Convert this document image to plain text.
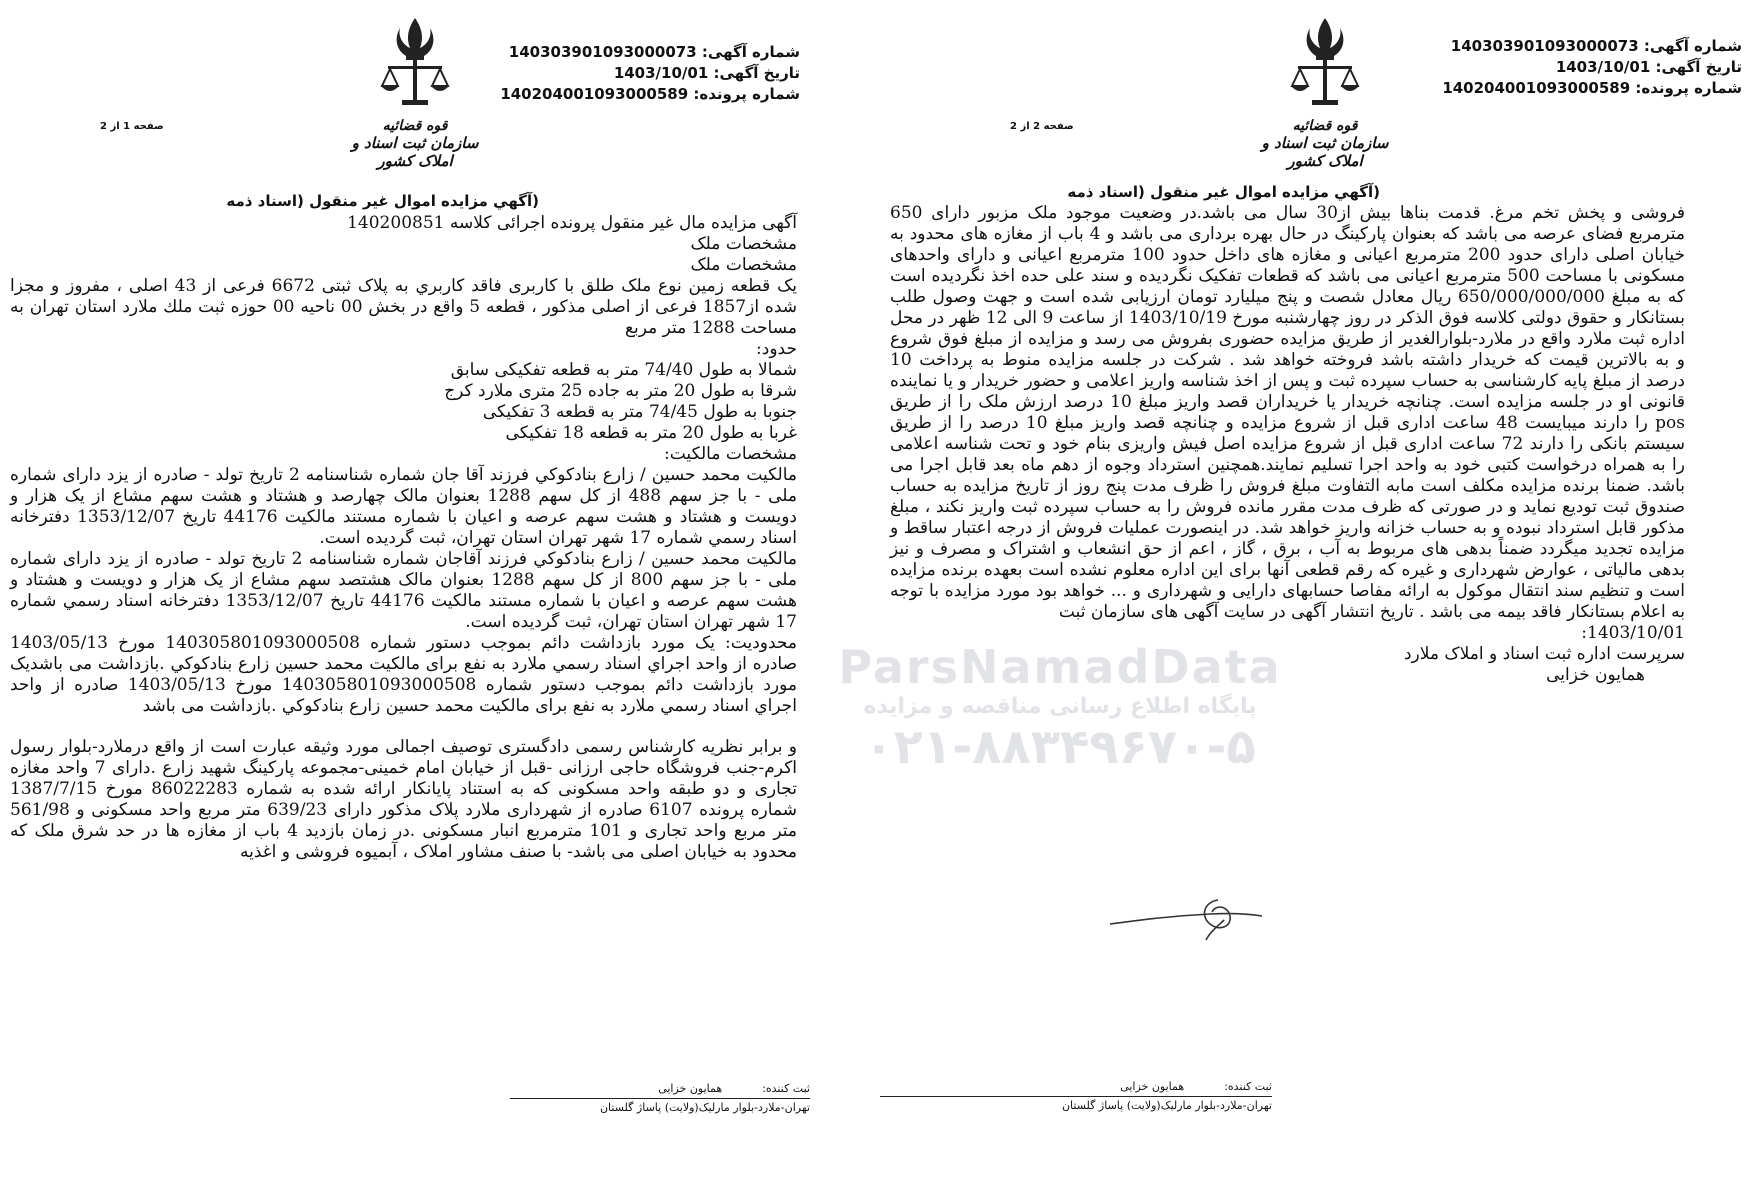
قوه قضائیه
سازمان ثبت اسناد و املاک کشور
شماره آگهی: 140303901093000073
تاریخ آگهی: 1403/10/01
شماره پرونده: 140204001093000589
صفحه 1 از 2
(آگهي مزايده اموال غير منقول (اسناد ذمه

آگهی مزایده مال غیر منقول پرونده اجرائی کلاسه 140200851

مشخصات ملک

مشخصات ملک

یک قطعه زمین نوع ملک طلق با کاربری فاقد کاربري به پلاک ثبتی 6672 فرعی از 43 اصلی ، مفروز و مجزا شده از1857 فرعی از اصلی مذکور ، قطعه 5 واقع در بخش 00 ناحیه 00 حوزه ثبت ملك ملارد استان تهران به مساحت 1288 متر مربع

حدود:

شمالا به طول 74/40 متر به قطعه تفکیکی سابق

شرقا به طول 20 متر به جاده 25 متری ملارد کرج

جنوبا به طول 74/45 متر به قطعه 3 تفکیکی

غربا به طول 20 متر به قطعه 18 تفکیکی

مشخصات مالکیت:

مالکیت محمد حسین / زارع بنادكوكي فرزند آقا جان شماره شناسنامه 2 تاریخ تولد - صادره از یزد دارای شماره ملی - با جز سهم 488 از کل سهم 1288 بعنوان مالک چهارصد و هشتاد و هشت سهم مشاع از یک هزار و دویست و هشتاد و هشت سهم عرصه و اعیان با شماره مستند مالکیت 44176 تاریخ 1353/12/07 دفترخانه اسناد رسمي شماره 17 شهر تهران استان تهران، ثبت گردیده است.

مالکیت محمد حسین / زارع بنادكوكي فرزند آقاجان شماره شناسنامه 2 تاریخ تولد - صادره از یزد دارای شماره ملی - با جز سهم 800 از کل سهم 1288 بعنوان مالک هشتصد سهم مشاع از یک هزار و دویست و هشتاد و هشت سهم عرصه و اعیان با شماره مستند مالکیت 44176 تاریخ 1353/12/07 دفترخانه اسناد رسمي شماره 17 شهر تهران استان تهران، ثبت گردیده است.

محدودیت: یک مورد بازداشت دائم بموجب دستور شماره 140305801093000508 مورخ 1403/05/13 صادره از واحد اجراي اسناد رسمي ملارد به نفع برای مالکیت محمد حسین زارع بنادكوكي .بازداشت می باشدیک مورد بازداشت دائم بموجب دستور شماره 140305801093000508 مورخ 1403/05/13 صادره از واحد اجراي اسناد رسمي ملارد به نفع برای مالکیت محمد حسین زارع بنادكوكي .بازداشت می باشد

و برابر نظریه کارشناس رسمی دادگستری توصیف اجمالی مورد وثیقه عبارت است از واقع درملارد-بلوار رسول اکرم-جنب فروشگاه حاجی ارزانی -قبل از خیابان امام خمینی-مجموعه پارکینگ شهید زارع .دارای 7 واحد مغازه تجاری و دو طبقه واحد مسکونی که به استناد پایانکار ارائه شده به شماره 86022283 مورخ 1387/7/15 شماره پرونده 6107 صادره از شهرداری ملارد پلاک مذکور دارای 639/23 متر مربع واحد مسکونی و 561/98 متر مربع واحد تجاری و 101 مترمربع انبار مسکونی .در زمان بازدید 4 باب از مغازه ها در حد شرق ملک که محدود به خیابان اصلی می باشد- با صنف مشاور املاک ، آبمیوه فروشی و اغذیه

ثبت کننده:
همایون خزایی
تهران-ملارد-بلوار مارلیک(ولایت) پاساژ گلستان
قوه قضائیه
سازمان ثبت اسناد و املاک کشور
شماره آگهی: 140303901093000073
تاریخ آگهی: 1403/10/01
شماره پرونده: 140204001093000589
صفحه 2 از 2
(آگهي مزايده اموال غير منقول (اسناد ذمه

فروشی و پخش تخم مرغ. قدمت بناها بیش از30 سال می باشد.در وضعیت موجود ملک مزبور دارای 650 مترمربع فضای عرصه می باشد که بعنوان پارکینگ در حال بهره برداری می باشد و 4 باب از مغازه های محدود به خیابان اصلی دارای حدود 200 مترمربع اعیانی و مغازه های داخل حدود 100 مترمربع اعیانی و دارای واحدهای مسکونی با مساحت 500 مترمربع اعیانی می باشد که قطعات تفکیک نگردیده و سند علی حده اخذ نگردیده است که به مبلغ 650/000/000/000 ریال معادل شصت و پنج میلیارد تومان ارزیابی شده است و جهت وصول طلب بستانکار و حقوق دولتی کلاسه فوق الذکر در روز چهارشنبه مورخ 1403/10/19 از ساعت 9 الی 12 ظهر در محل اداره ثبت ملارد واقع در ملارد-بلوارالغدیر از طریق مزایده حضوری بفروش می رسد و مزایده از مبلغ فوق شروع و به بالاترین قیمت که خریدار داشته باشد فروخته خواهد شد . شرکت در جلسه مزایده منوط به پرداخت 10 درصد از مبلغ پایه کارشناسی به حساب سپرده ثبت و پس از اخذ شناسه واریز اعلامی و حضور خریدار و یا نماینده قانونی او در جلسه مزایده است. چنانچه خریدار یا خریداران قصد واریز مبلغ 10 درصد ارزش ملک را از طریق pos را دارند میبایست 48 ساعت اداری قبل از شروع مزایده و چنانچه قصد واریز مبلغ 10 درصد را از طریق سیستم بانکی را دارند 72 ساعت اداری قبل از شروع مزایده اصل فیش واریزی بنام خود و تحت شناسه اعلامی را به همراه درخواست کتبی خود به واحد اجرا تسلیم نمایند.همچنین استرداد وجوه از دهم ماه بعد قابل اجرا می باشد. ضمنا برنده مزایده مکلف است مابه التفاوت مبلغ فروش را ظرف مدت پنج روز از تاریخ مزایده به حساب صندوق ثبت تودیع نماید و در صورتی که ظرف مدت مقرر مانده فروش را به حساب سپرده ثبت واریز نکند ، مبلغ مذکور قابل استرداد نبوده و به حساب خزانه واریز خواهد شد. در اینصورت عملیات فروش از درجه اعتبار ساقط و مزایده تجدید میگردد ضمناً بدهی های مربوط به آب ، برق ، گاز ، اعم از حق انشعاب و اشتراک و مصرف و نیز بدهی مالیاتی ، عوارض شهرداری و غیره که رقم قطعی آنها برای این اداره معلوم نشده است بعهده برنده مزایده است و تنظیم سند انتقال موکول به ارائه مفاصا حسابهای دارایی و شهرداری و ... خواهد بود مورد مزایده با توجه به اعلام بستانکار فاقد بیمه می باشد . تاریخ انتشار آگهی در سایت آگهی های سازمان ثبت

1403/10/01:

سرپرست اداره ثبت اسناد و املاک ملارد

همایون خزایی

ثبت کننده:
همایون خزایی
تهران-ملارد-بلوار مارلیک(ولایت) پاساژ گلستان
ParsNamadData
پایگاه اطلاع رسانی مناقصه و مزایده
۰۲۱-۸۸۳۴۹۶۷۰-۵
